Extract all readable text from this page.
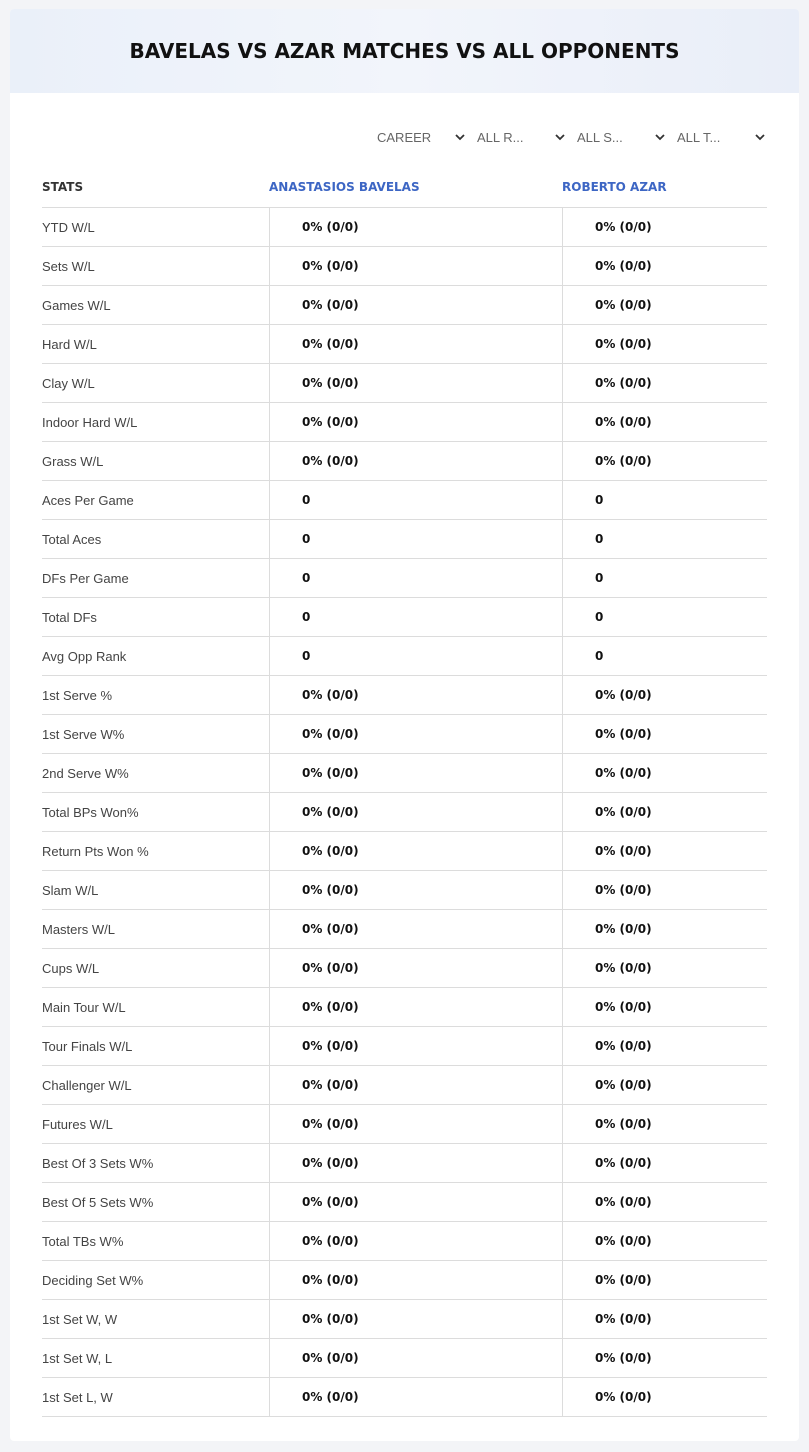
BAVELAS VS AZAR MATCHES VS ALL OPPONENTS
CAREER	ALL R...	ALL S...	ALL T...
STATS	ANASTASIOS BAVELAS	ROBERTO AZAR
YTD W/L	0% (0/0)	0% (0/0)
Sets W/L	0% (0/0)	0% (0/0)
Games W/L	0% (0/0)	0% (0/0)
Hard W/L	0% (0/0)	0% (0/0)
Clay W/L	0% (0/0)	0% (0/0)
Indoor Hard W/L	0% (0/0)	0% (0/0)
Grass W/L	0% (0/0)	0% (0/0)
Aces Per Game	0	0
Total Aces	0	0
DFs Per Game	0	0
Total DFs	0	0
Avg Opp Rank	0	0
1st Serve %	0% (0/0)	0% (0/0)
1st Serve W%	0% (0/0)	0% (0/0)
2nd Serve W%	0% (0/0)	0% (0/0)
Total BPs Won%	0% (0/0)	0% (0/0)
Return Pts Won %	0% (0/0)	0% (0/0)
Slam W/L	0% (0/0)	0% (0/0)
Masters W/L	0% (0/0)	0% (0/0)
Cups W/L	0% (0/0)	0% (0/0)
Main Tour W/L	0% (0/0)	0% (0/0)
Tour Finals W/L	0% (0/0)	0% (0/0)
Challenger W/L	0% (0/0)	0% (0/0)
Futures W/L	0% (0/0)	0% (0/0)
Best Of 3 Sets W%	0% (0/0)	0% (0/0)
Best Of 5 Sets W%	0% (0/0)	0% (0/0)
Total TBs W%	0% (0/0)	0% (0/0)
Deciding Set W%	0% (0/0)	0% (0/0)
1st Set W, W	0% (0/0)	0% (0/0)
1st Set W, L	0% (0/0)	0% (0/0)
1st Set L, W	0% (0/0)	0% (0/0)
